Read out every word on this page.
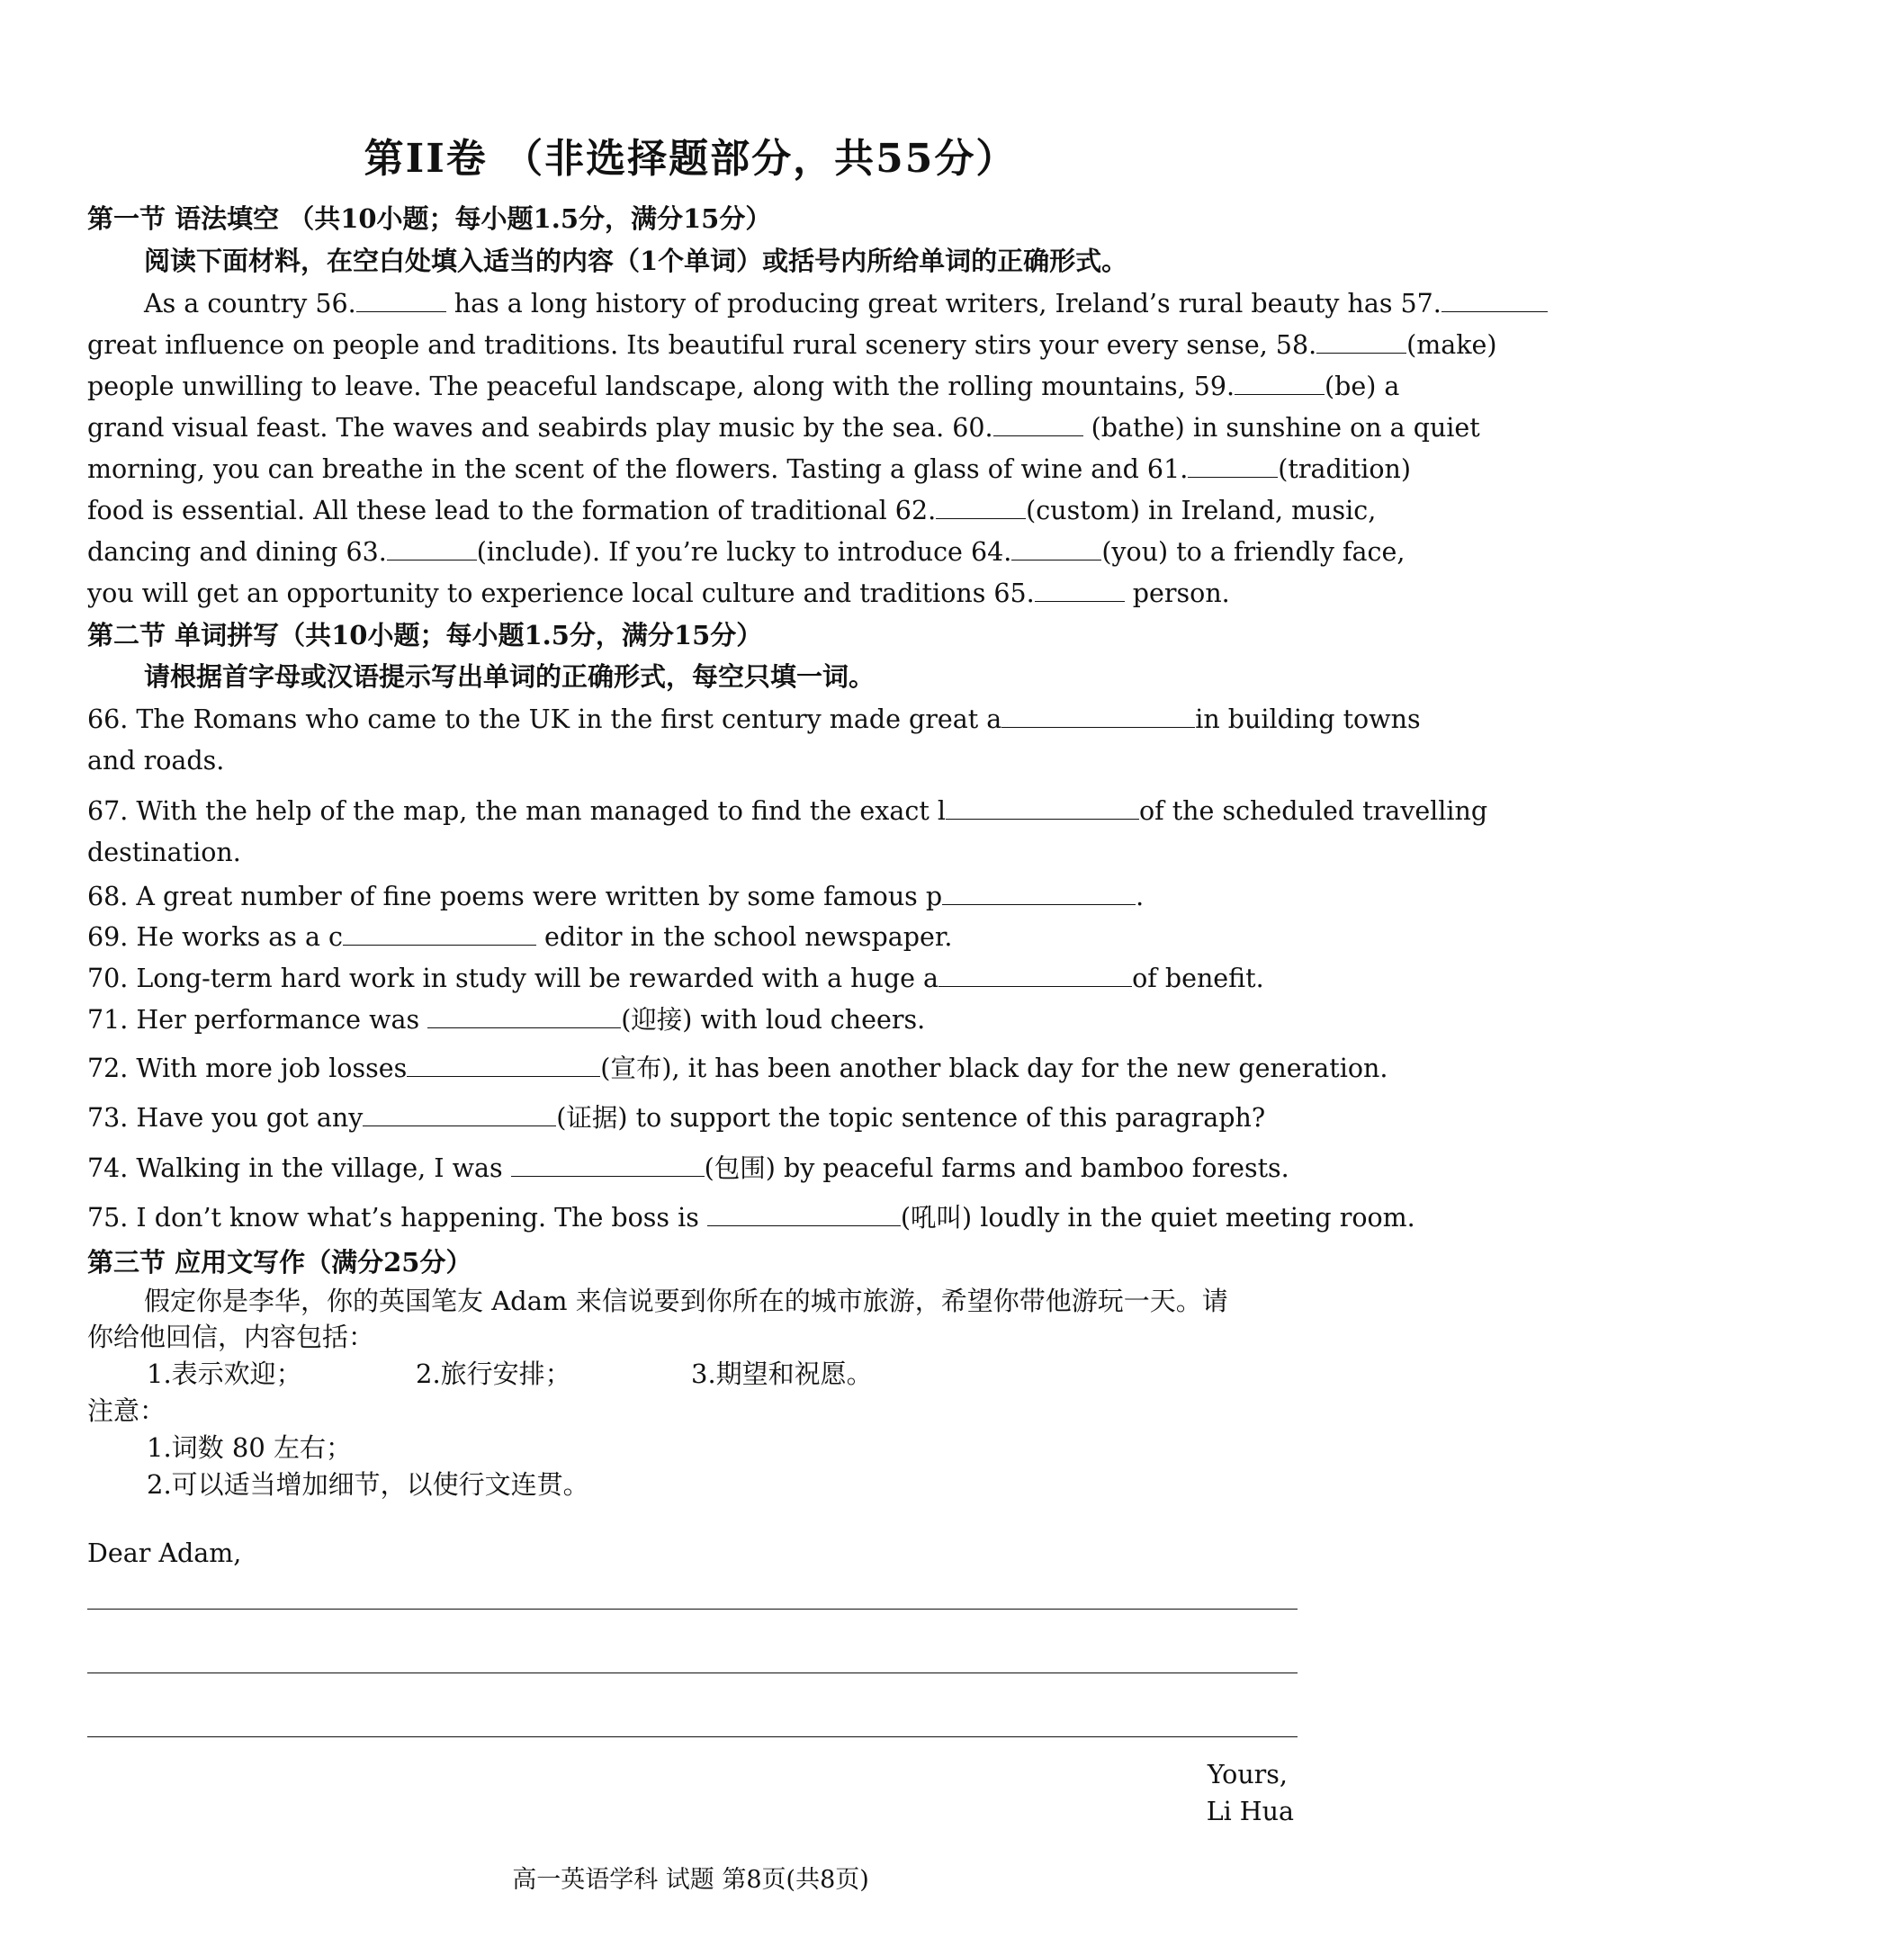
第II卷 （非选择题部分，共55分）
第一节 语法填空 （共10小题；每小题1.5分，满分15分）
阅读下面材料，在空白处填入适当的内容（1个单词）或括号内所给单词的正确形式。
As a country 56.	has a long history of producing great writers, Ireland’s rural beauty has 57.
great influence on people and traditions. Its beautiful rural scenery stirs your every sense, 58.	(make)
people unwilling to leave. The peaceful landscape, along with the rolling mountains, 59.	(be) a
grand visual feast. The waves and seabirds play music by the sea. 60.	(bathe) in sunshine on a quiet
morning, you can breathe in the scent of the flowers. Tasting a glass of wine and 61.	(tradition)
food is essential. All these lead to the formation of traditional 62.	(custom) in Ireland, music,
dancing and dining 63.	(include). If you’re lucky to introduce 64.	(you) to a friendly face,
you will get an opportunity to experience local culture and traditions 65.	person.
第二节 单词拼写（共10小题；每小题1.5分，满分15分）
请根据首字母或汉语提示写出单词的正确形式，每空只填一词。
66. The Romans who came to the UK in the first century made great a	in building towns
and roads.
67. With the help of the map, the man managed to find the exact l	of the scheduled travelling
destination.
68. A great number of fine poems were written by some famous p	.
69. He works as a c	editor in the school newspaper.
70. Long-term hard work in study will be rewarded with a huge a	of benefit.
71. Her performance was	(迎接) with loud cheers.
72. With more job losses	(宣布), it has been another black day for the new generation.
73. Have you got any	(证据) to support the topic sentence of this paragraph?
74. Walking in the village, I was	(包围) by peaceful farms and bamboo forests.
75. I don’t know what’s happening. The boss is	(吼叫) loudly in the quiet meeting room.
第三节 应用文写作（满分25分）
假定你是李华，你的英国笔友 Adam 来信说要到你所在的城市旅游，希望你带他游玩一天。请
你给他回信，内容包括：
1.表示欢迎；	2.旅行安排；	3.期望和祝愿。
注意：
1.词数 80 左右；
2.可以适当增加细节，以使行文连贯。
Dear Adam,
Yours,
Li Hua
高一英语学科 试题 第8页(共8页)
